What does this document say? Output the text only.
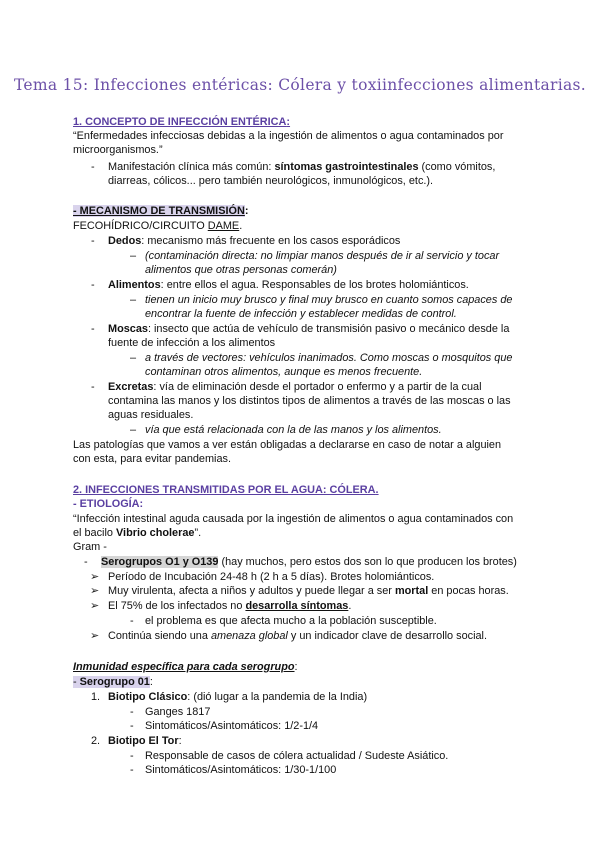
Tema 15: Infecciones entéricas: Cólera y toxiinfecciones alimentarias.
1. CONCEPTO DE INFECCIÓN ENTÉRICA:
“Enfermedades infecciosas debidas a la ingestión de alimentos o agua contaminados por
microorganismos.”
- Manifestación clínica más común: síntomas gastrointestinales (como vómitos,
diarreas, cólicos... pero también neurológicos, inmunológicos, etc.).
- MECANISMO DE TRANSMISIÓN:
FECOHÍDRICO/CIRCUITO DAME.
- Dedos: mecanismo más frecuente en los casos esporádicos
– (contaminación directa: no limpiar manos después de ir al servicio y tocar
alimentos que otras personas comerán)
- Alimentos: entre ellos el agua. Responsables de los brotes holomiánticos.
– tienen un inicio muy brusco y final muy brusco en cuanto somos capaces de
encontrar la fuente de infección y establecer medidas de control.
- Moscas: insecto que actúa de vehículo de transmisión pasivo o mecánico desde la
fuente de infección a los alimentos
– a través de vectores: vehículos inanimados. Como moscas o mosquitos que
contaminan otros alimentos, aunque es menos frecuente.
- Excretas: vía de eliminación desde el portador o enfermo y a partir de la cual
contamina las manos y los distintos tipos de alimentos a través de las moscas o las
aguas residuales.
– vía que está relacionada con la de las manos y los alimentos.
Las patologías que vamos a ver están obligadas a declararse en caso de notar a alguien
con esta, para evitar pandemias.
2. INFECCIONES TRANSMITIDAS POR EL AGUA: CÓLERA.
- ETIOLOGÍA:
“Infección intestinal aguda causada por la ingestión de alimentos o agua contaminados con
el bacilo Vibrio cholerae”.
Gram -
- Serogrupos O1 y O139 (hay muchos, pero estos dos son lo que producen los brotes)
➢ Período de Incubación 24-48 h (2 h a 5 días). Brotes holomiánticos.
➢ Muy virulenta, afecta a niños y adultos y puede llegar a ser mortal en pocas horas.
➢ El 75% de los infectados no desarrolla síntomas.
- el problema es que afecta mucho a la población susceptible.
➢ Continúa siendo una amenaza global y un indicador clave de desarrollo social.
Inmunidad específica para cada serogrupo:
- Serogrupo 01:
1. Biotipo Clásico: (dió lugar a la pandemia de la India)
- Ganges 1817
- Sintomáticos/Asintomáticos: 1/2-1/4
2. Biotipo El Tor:
- Responsable de casos de cólera actualidad / Sudeste Asiático.
- Sintomáticos/Asintomáticos: 1/30-1/100
